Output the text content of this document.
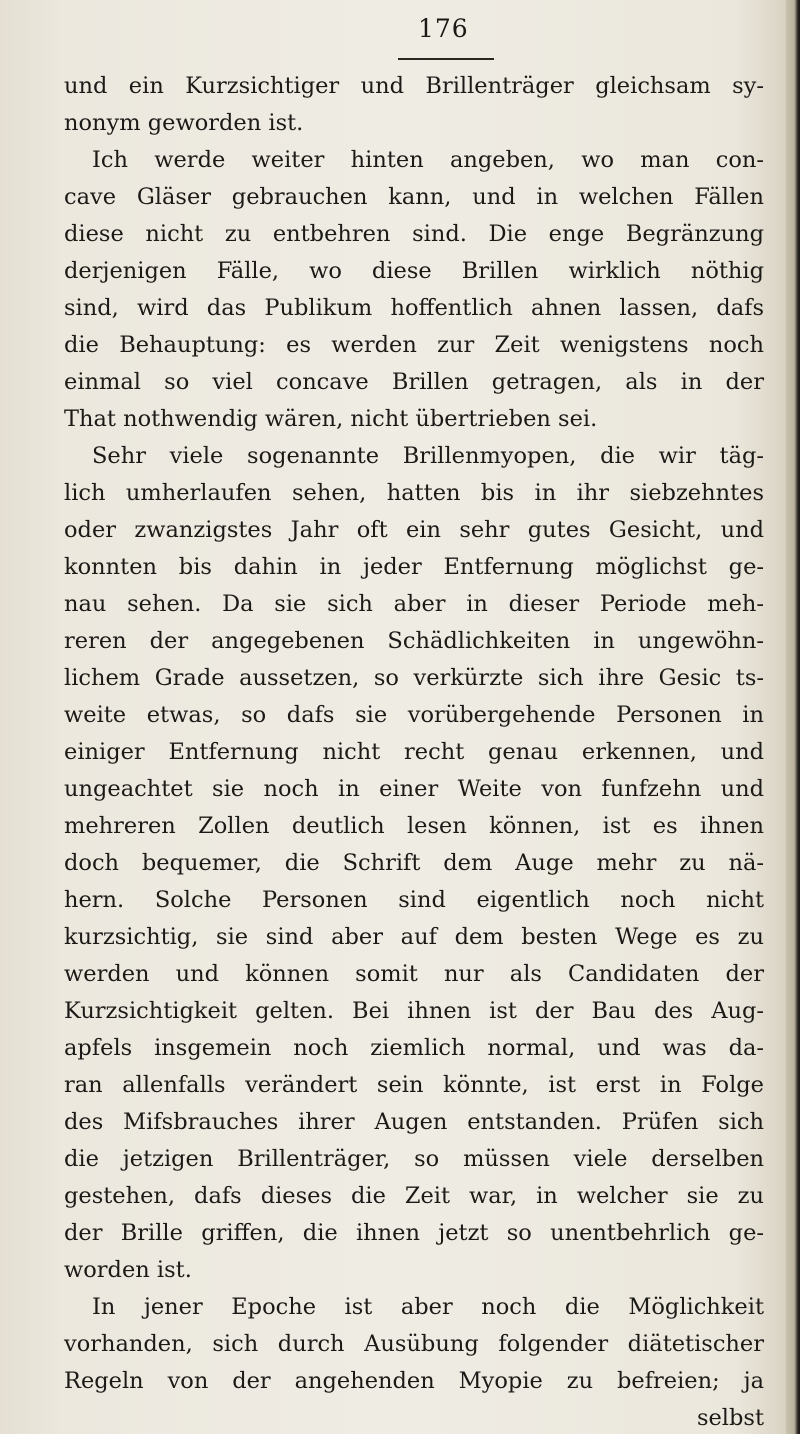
176
und ein Kurzsichtiger und Brillenträger gleichsam sy-
nonym geworden ist.
Ich werde weiter hinten angeben, wo man con-
cave Gläser gebrauchen kann, und in welchen Fällen
diese nicht zu entbehren sind. Die enge Begränzung
derjenigen Fälle, wo diese Brillen wirklich nöthig
sind, wird das Publikum hoffentlich ahnen lassen, dafs
die Behauptung: es werden zur Zeit wenigstens noch
einmal so viel concave Brillen getragen, als in der
That nothwendig wären, nicht übertrieben sei.
Sehr viele sogenannte Brillenmyopen, die wir täg-
lich umherlaufen sehen, hatten bis in ihr siebzehntes
oder zwanzigstes Jahr oft ein sehr gutes Gesicht, und
konnten bis dahin in jeder Entfernung möglichst ge-
nau sehen. Da sie sich aber in dieser Periode meh-
reren der angegebenen Schädlichkeiten in ungewöhn-
lichem Grade aussetzen, so verkürzte sich ihre Gesic ts-
weite etwas, so dafs sie vorübergehende Personen in
einiger Entfernung nicht recht genau erkennen, und
ungeachtet sie noch in einer Weite von funfzehn und
mehreren Zollen deutlich lesen können, ist es ihnen
doch bequemer, die Schrift dem Auge mehr zu nä-
hern. Solche Personen sind eigentlich noch nicht
kurzsichtig, sie sind aber auf dem besten Wege es zu
werden und können somit nur als Candidaten der
Kurzsichtigkeit gelten. Bei ihnen ist der Bau des Aug-
apfels insgemein noch ziemlich normal, und was da-
ran allenfalls verändert sein könnte, ist erst in Folge
des Mifsbrauches ihrer Augen entstanden. Prüfen sich
die jetzigen Brillenträger, so müssen viele derselben
gestehen, dafs dieses die Zeit war, in welcher sie zu
der Brille griffen, die ihnen jetzt so unentbehrlich ge-
worden ist.
In jener Epoche ist aber noch die Möglichkeit
vorhanden, sich durch Ausübung folgender diätetischer
Regeln von der angehenden Myopie zu befreien; ja
selbst
